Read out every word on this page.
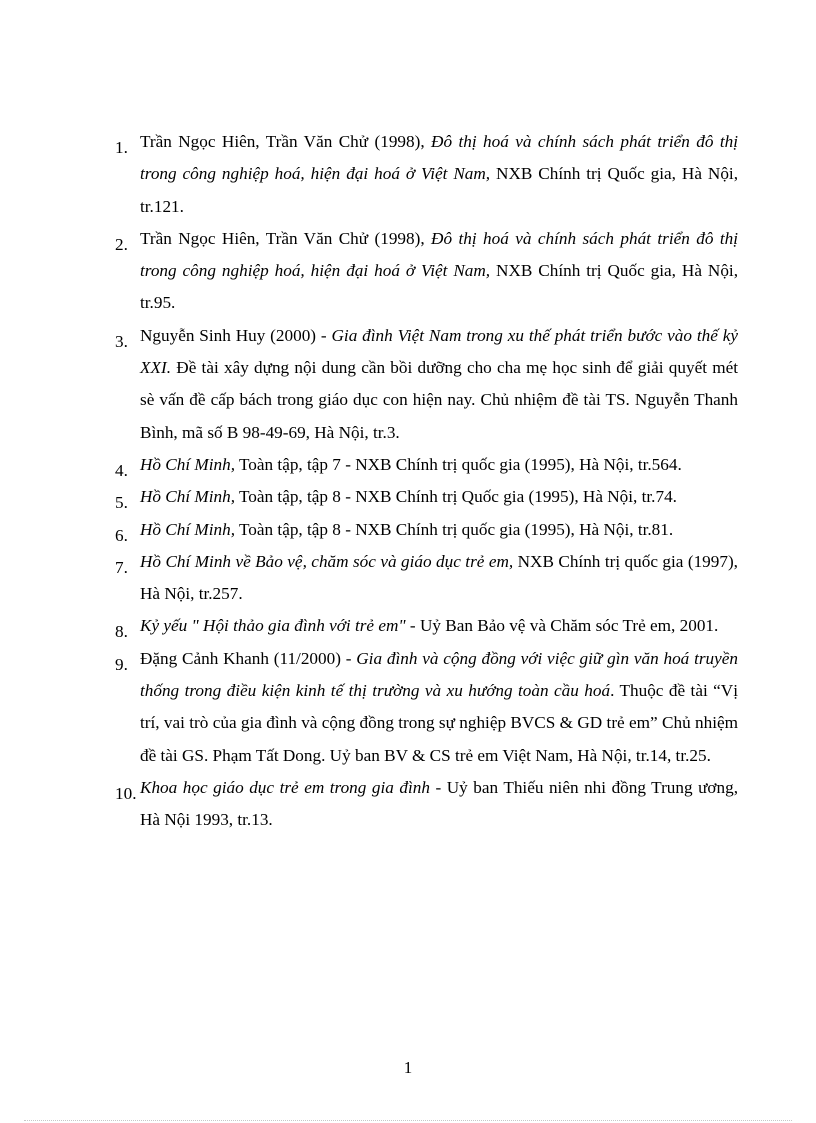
1. Trần Ngọc Hiên, Trần Văn Chử (1998), Đô thị hoá và chính sách phát triển đô thị trong công nghiệp hoá, hiện đại hoá ở Việt Nam, NXB Chính trị Quốc gia, Hà Nội, tr.121.
2. Trần Ngọc Hiên, Trần Văn Chử (1998), Đô thị hoá và chính sách phát triển đô thị trong công nghiệp hoá, hiện đại hoá ở Việt Nam, NXB Chính trị Quốc gia, Hà Nội, tr.95.
3. Nguyễn Sinh Huy (2000) - Gia đình Việt Nam trong xu thế phát triển bước vào thế kỷ XXI. Đề tài xây dựng nội dung cần bồi dưỡng cho cha mẹ học sinh để giải quyết mét sè vấn đề cấp bách trong giáo dục con hiện nay. Chủ nhiệm đề tài TS. Nguyễn Thanh Bình, mã số B 98-49-69, Hà Nội, tr.3.
4. Hồ Chí Minh, Toàn tập, tập 7 - NXB Chính trị quốc gia (1995), Hà Nội, tr.564.
5. Hồ Chí Minh, Toàn tập, tập 8 - NXB Chính trị Quốc gia (1995), Hà Nội, tr.74.
6. Hồ Chí Minh, Toàn tập, tập 8 - NXB Chính trị quốc gia (1995), Hà Nội, tr.81.
7. Hồ Chí Minh về Bảo vệ, chăm sóc và giáo dục trẻ em, NXB Chính trị quốc gia (1997), Hà Nội, tr.257.
8. Kỷ yếu " Hội thảo gia đình với trẻ em" - Uỷ Ban Bảo vệ và Chăm sóc Trẻ em, 2001.
9. Đặng Cảnh Khanh (11/2000) - Gia đình và cộng đồng với việc giữ gìn văn hoá truyền thống trong điều kiện kinh tế thị trường và xu hướng toàn cầu hoá. Thuộc đề tài “Vị trí, vai trò của gia đình và cộng đồng trong sự nghiệp BVCS & GD trẻ em” Chủ nhiệm đề tài GS. Phạm Tất Dong. Uỷ ban BV & CS trẻ em Việt Nam, Hà Nội, tr.14, tr.25.
10. Khoa học giáo dục trẻ em trong gia đình - Uỷ ban Thiếu niên nhi đồng Trung ương, Hà Nội 1993, tr.13.
1
